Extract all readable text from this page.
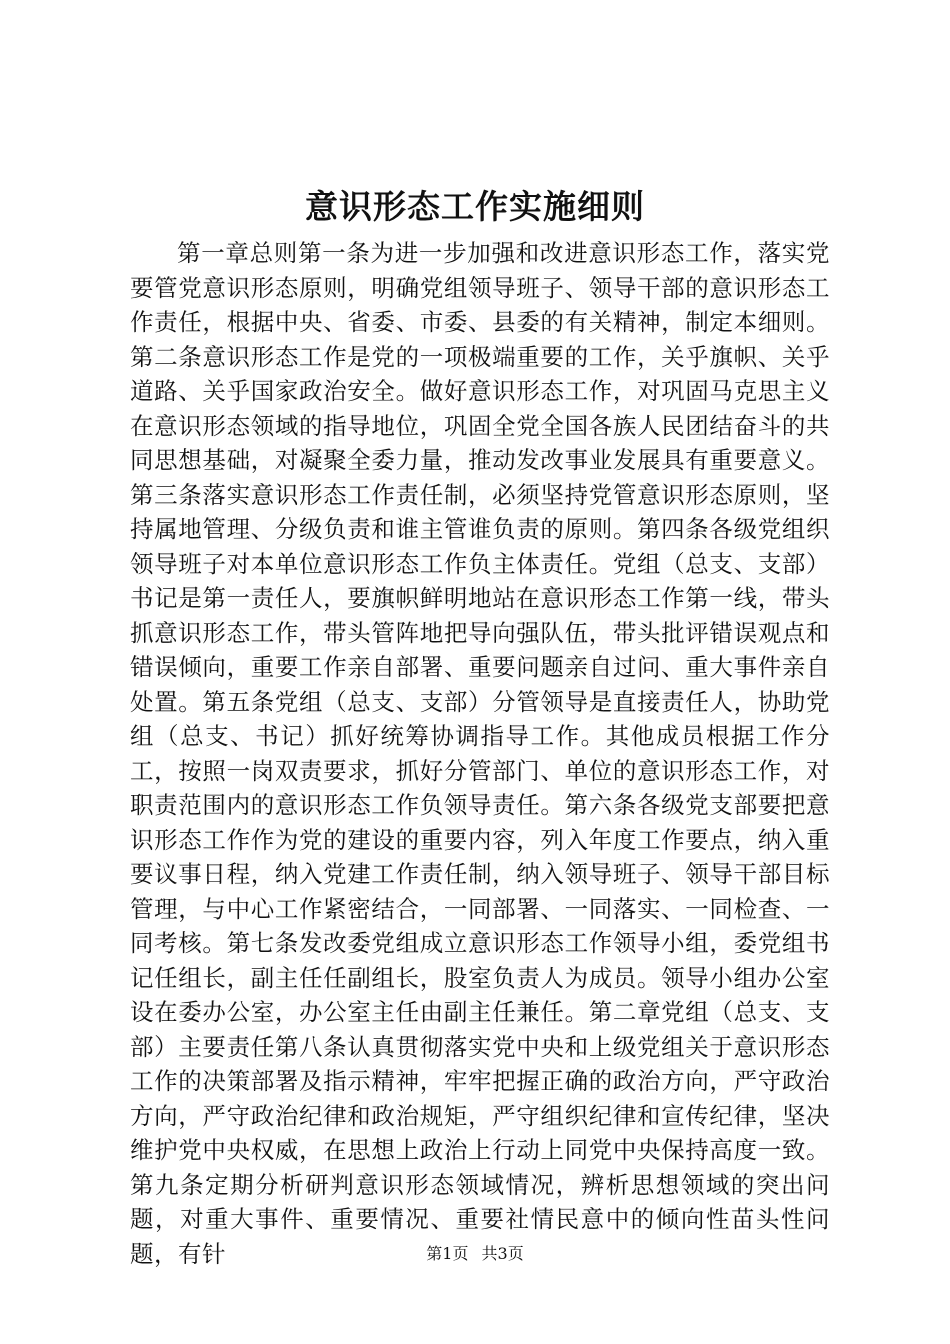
意识形态工作实施细则

第一章总则第一条为进一步加强和改进意识形态工作，落实党要管党意识形态原则，明确党组领导班子、领导干部的意识形态工作责任，根据中央、省委、市委、县委的有关精神，制定本细则。第二条意识形态工作是党的一项极端重要的工作，关乎旗帜、关乎道路、关乎国家政治安全。做好意识形态工作，对巩固马克思主义在意识形态领域的指导地位，巩固全党全国各族人民团结奋斗的共同思想基础，对凝聚全委力量，推动发改事业发展具有重要意义。第三条落实意识形态工作责任制，必须坚持党管意识形态原则，坚持属地管理、分级负责和谁主管谁负责的原则。第四条各级党组织领导班子对本单位意识形态工作负主体责任。党组（总支、支部）书记是第一责任人，要旗帜鲜明地站在意识形态工作第一线，带头抓意识形态工作，带头管阵地把导向强队伍，带头批评错误观点和错误倾向，重要工作亲自部署、重要问题亲自过问、重大事件亲自处置。第五条党组（总支、支部）分管领导是直接责任人，协助党组（总支、书记）抓好统筹协调指导工作。其他成员根据工作分工，按照一岗双责要求，抓好分管部门、单位的意识形态工作，对职责范围内的意识形态工作负领导责任。第六条各级党支部要把意识形态工作作为党的建设的重要内容，列入年度工作要点，纳入重要议事日程，纳入党建工作责任制，纳入领导班子、领导干部目标管理，与中心工作紧密结合，一同部署、一同落实、一同检查、一同考核。第七条发改委党组成立意识形态工作领导小组，委党组书记任组长，副主任任副组长，股室负责人为成员。领导小组办公室设在委办公室，办公室主任由副主任兼任。第二章党组（总支、支部）主要责任第八条认真贯彻落实党中央和上级党组关于意识形态工作的决策部署及指示精神，牢牢把握正确的政治方向，严守政治方向，严守政治纪律和政治规矩，严守组织纪律和宣传纪律，坚决维护党中央权威，在思想上政治上行动上同党中央保持高度一致。第九条定期分析研判意识形态领域情况，辨析思想领域的突出问题，对重大事件、重要情况、重要社情民意中的倾向性苗头性问题，有针	第1页 共3页
